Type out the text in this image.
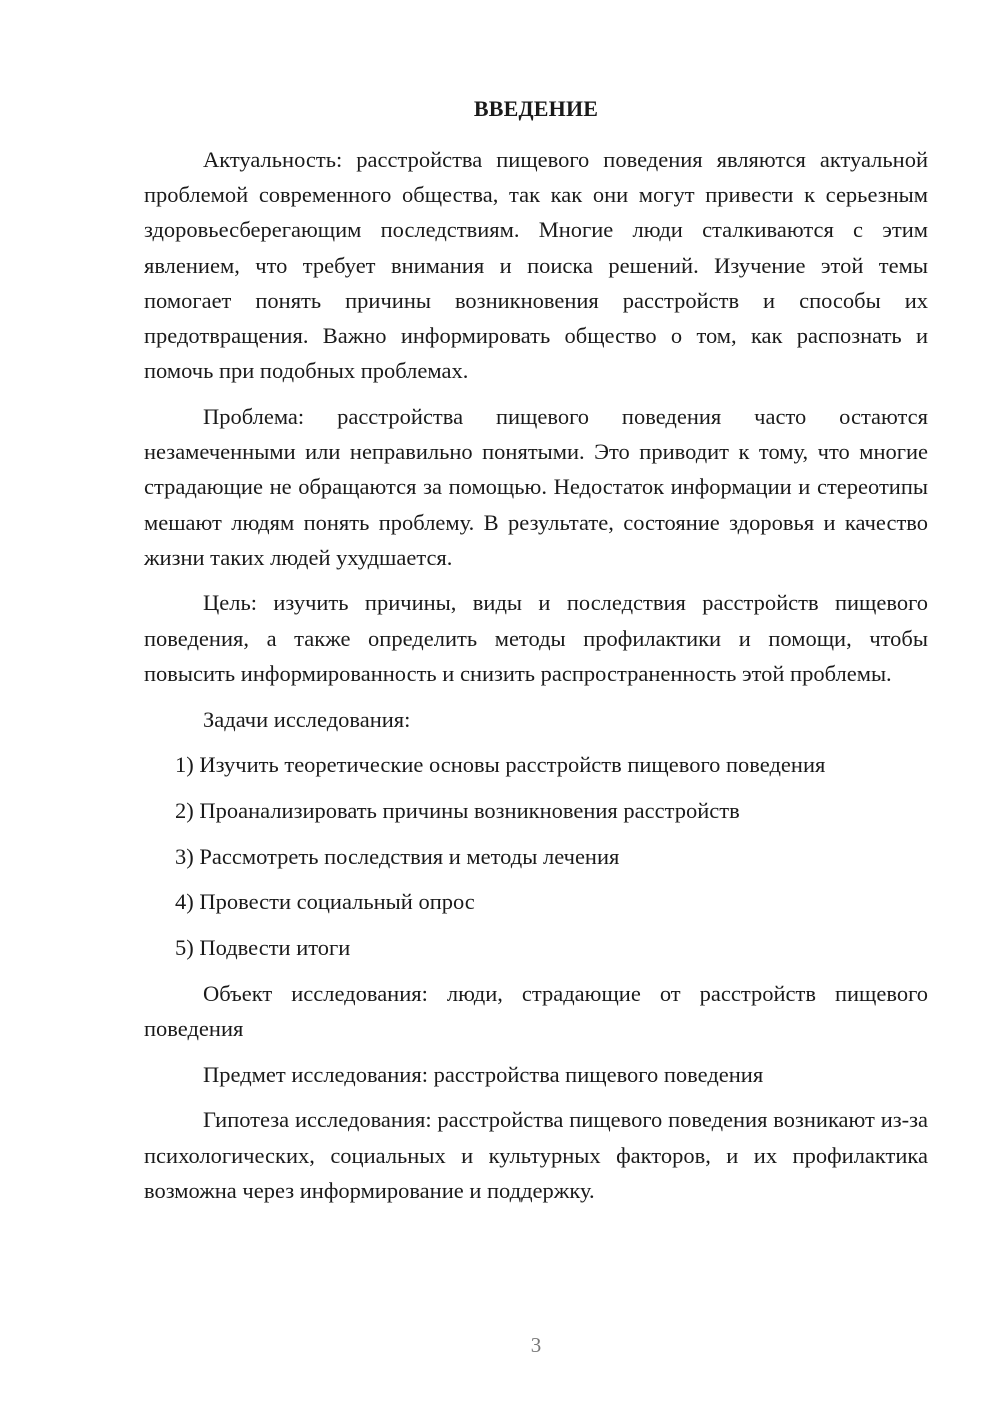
ВВЕДЕНИЕ

Актуальность: расстройства пищевого поведения являются актуальной проблемой современного общества, так как они могут привести к серьезным здоровьесберегающим последствиям. Многие люди сталкиваются с этим явлением, что требует внимания и поиска решений. Изучение этой темы помогает понять причины возникновения расстройств и способы их предотвращения. Важно информировать общество о том, как распознать и помочь при подобных проблемах.

Проблема: расстройства пищевого поведения часто остаются незамеченными или неправильно понятыми. Это приводит к тому, что многие страдающие не обращаются за помощью. Недостаток информации и стереотипы мешают людям понять проблему. В результате, состояние здоровья и качество жизни таких людей ухудшается.

Цель: изучить причины, виды и последствия расстройств пищевого поведения, а также определить методы профилактики и помощи, чтобы повысить информированность и снизить распространенность этой проблемы.

Задачи исследования:

1) Изучить теоретические основы расстройств пищевого поведения
2) Проанализировать причины возникновения расстройств
3) Рассмотреть последствия и методы лечения
4) Провести социальный опрос
5) Подвести итоги

Объект исследования: люди, страдающие от расстройств пищевого поведения

Предмет исследования: расстройства пищевого поведения

Гипотеза исследования: расстройства пищевого поведения возникают из-за психологических, социальных и культурных факторов, и их профилактика возможна через информирование и поддержку.

3
